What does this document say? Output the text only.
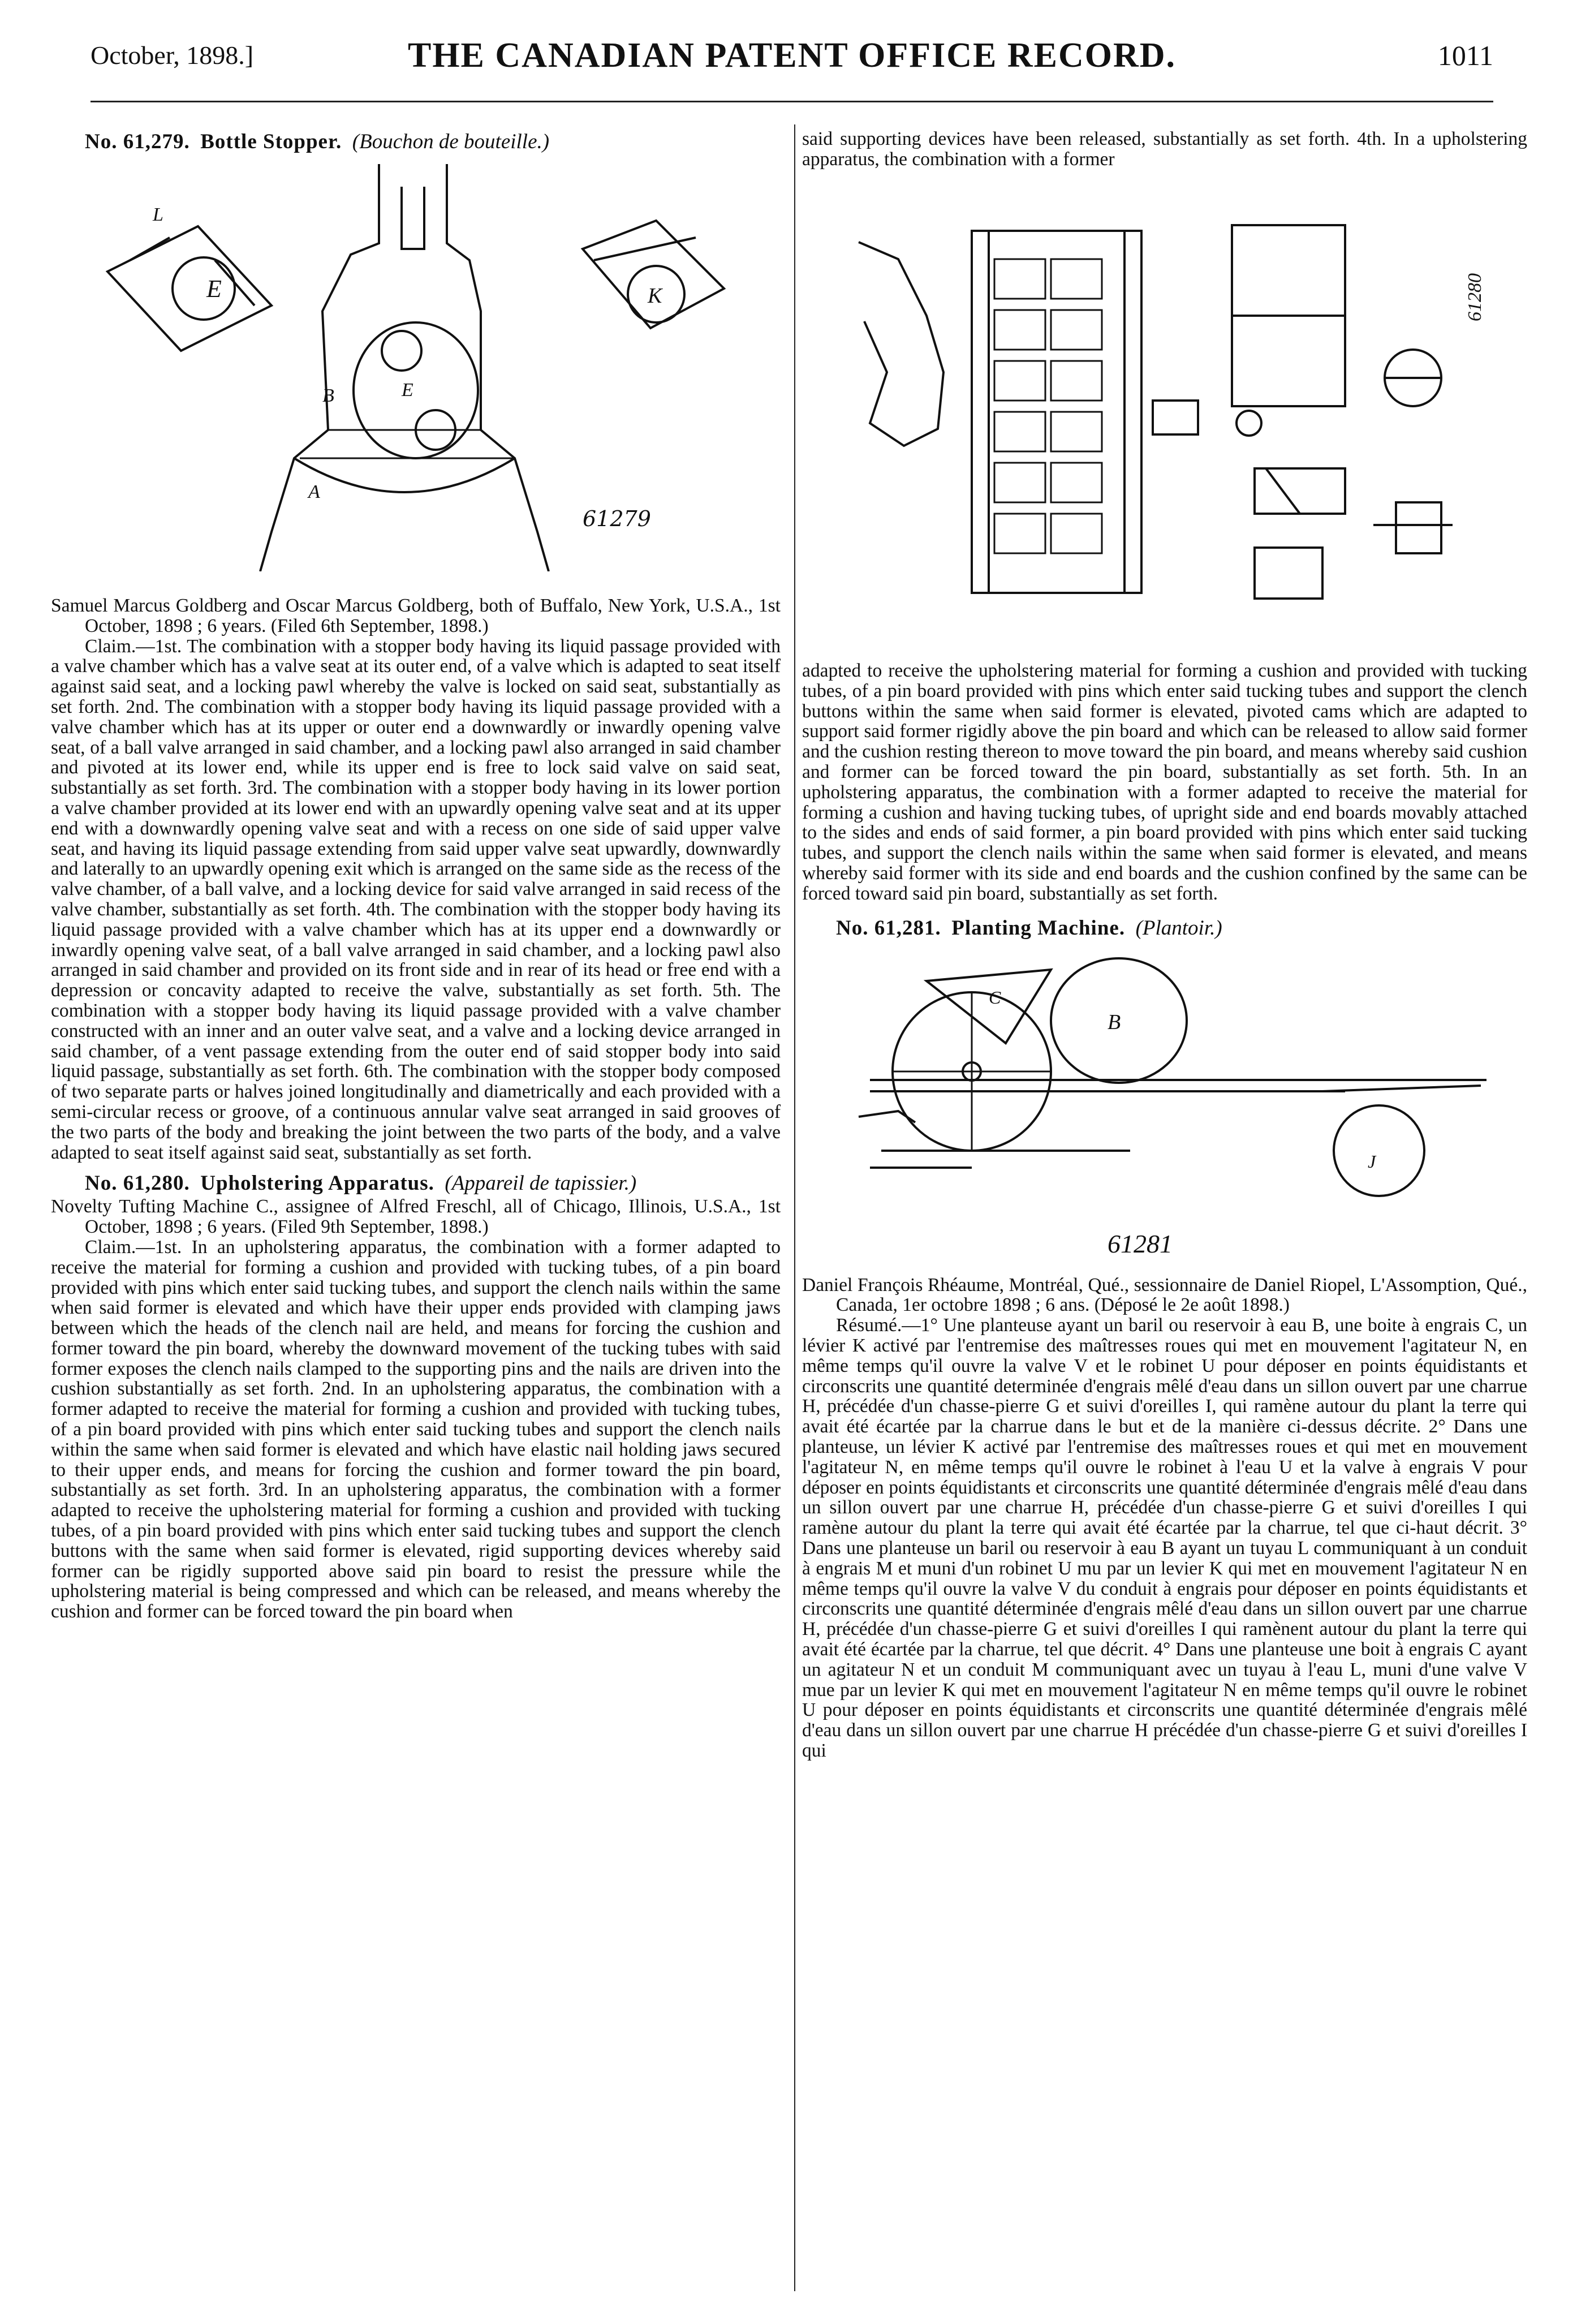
October, 1898.]	THE CANADIAN PATENT OFFICE RECORD.	1011

No. 61,279. Bottle Stopper. (Bouchon de bouteille.)

L
E
B
A
E
K
61279

Samuel Marcus Goldberg and Oscar Marcus Goldberg, both of Buffalo, New York, U.S.A., 1st October, 1898 ; 6 years. (Filed 6th September, 1898.)

Claim.—1st. The combination with a stopper body having its liquid passage provided with a valve chamber which has a valve seat at its outer end, of a valve which is adapted to seat itself against said seat, and a locking pawl whereby the valve is locked on said seat, substantially as set forth. 2nd. The combination with a stopper body having its liquid passage provided with a valve chamber which has at its upper or outer end a downwardly or inwardly opening valve seat, of a ball valve arranged in said chamber, and a locking pawl also arranged in said chamber and pivoted at its lower end, while its upper end is free to lock said valve on said seat, substantially as set forth. 3rd. The combination with a stopper body having in its lower portion a valve chamber provided at its lower end with an upwardly opening valve seat and at its upper end with a downwardly opening valve seat and with a recess on one side of said upper valve seat, and having its liquid passage extending from said upper valve seat upwardly, downwardly and laterally to an upwardly opening exit which is arranged on the same side as the recess of the valve chamber, of a ball valve, and a locking device for said valve arranged in said recess of the valve chamber, substantially as set forth. 4th. The combination with the stopper body having its liquid passage provided with a valve chamber which has at its upper end a downwardly or inwardly opening valve seat, of a ball valve arranged in said chamber, and a locking pawl also arranged in said chamber and provided on its front side and in rear of its head or free end with a depression or concavity adapted to receive the valve, substantially as set forth. 5th. The combination with a stopper body having its liquid passage provided with a valve chamber constructed with an inner and an outer valve seat, and a valve and a locking device arranged in said chamber, of a vent passage extending from the outer end of said stopper body into said liquid passage, substantially as set forth. 6th. The combination with the stopper body composed of two separate parts or halves joined longitudinally and diametrically and each provided with a semi-circular recess or groove, of a continuous annular valve seat arranged in said grooves of the two parts of the body and breaking the joint between the two parts of the body, and a valve adapted to seat itself against said seat, substantially as set forth.

No. 61,280. Upholstering Apparatus. (Appareil de tapissier.)

Novelty Tufting Machine C., assignee of Alfred Freschl, all of Chicago, Illinois, U.S.A., 1st October, 1898 ; 6 years. (Filed 9th September, 1898.)

Claim.—1st. In an upholstering apparatus, the combination with a former adapted to receive the material for forming a cushion and provided with tucking tubes, of a pin board provided with pins which enter said tucking tubes, and support the clench nails within the same when said former is elevated and which have their upper ends provided with clamping jaws between which the heads of the clench nail are held, and means for forcing the cushion and former toward the pin board, whereby the downward movement of the tucking tubes with said former exposes the clench nails clamped to the supporting pins and the nails are driven into the cushion substantially as set forth. 2nd. In an upholstering apparatus, the combination with a former adapted to receive the material for forming a cushion and provided with tucking tubes, of a pin board provided with pins which enter said tucking tubes and support the clench nails within the same when said former is elevated and which have elastic nail holding jaws secured to their upper ends, and means for forcing the cushion and former toward the pin board, substantially as set forth. 3rd. In an upholstering apparatus, the combination with a former adapted to receive the upholstering material for forming a cushion and provided with tucking tubes, of a pin board provided with pins which enter said tucking tubes and support the clench buttons with the same when said former is elevated, rigid supporting devices whereby said former can be rigidly supported above said pin board to resist the pressure while the upholstering material is being compressed and which can be released, and means whereby the cushion and former can be forced toward the pin board when

said supporting devices have been released, substantially as set forth. 4th. In a upholstering apparatus, the combination with a former

61280

adapted to receive the upholstering material for forming a cushion and provided with tucking tubes, of a pin board provided with pins which enter said tucking tubes and support the clench buttons within the same when said former is elevated, pivoted cams which are adapted to support said former rigidly above the pin board and which can be released to allow said former and the cushion resting thereon to move toward the pin board, and means whereby said cushion and former can be forced toward the pin board, substantially as set forth. 5th. In an upholstering apparatus, the combination with a former adapted to receive the material for forming a cushion and having tucking tubes, of upright side and end boards movably attached to the sides and ends of said former, a pin board provided with pins which enter said tucking tubes, and support the clench nails within the same when said former is elevated, and means whereby said former with its side and end boards and the cushion confined by the same can be forced toward said pin board, substantially as set forth.

No. 61,281. Planting Machine. (Plantoir.)

B
C
J
61281

Daniel François Rhéaume, Montréal, Qué., sessionnaire de Daniel Riopel, L'Assomption, Qué., Canada, 1er octobre 1898 ; 6 ans. (Déposé le 2e août 1898.)

Résumé.—1° Une planteuse ayant un baril ou reservoir à eau B, une boite à engrais C, un lévier K activé par l'entremise des maîtresses roues qui met en mouvement l'agitateur N, en même temps qu'il ouvre la valve V et le robinet U pour déposer en points équidistants et circonscrits une quantité determinée d'engrais mêlé d'eau dans un sillon ouvert par une charrue H, précédée d'un chasse-pierre G et suivi d'oreilles I, qui ramène autour du plant la terre qui avait été écartée par la charrue dans le but et de la manière ci-dessus décrite. 2° Dans une planteuse, un lévier K activé par l'entremise des maîtresses roues et qui met en mouvement l'agitateur N, en même temps qu'il ouvre le robinet à l'eau U et la valve à engrais V pour déposer en points équidistants et circonscrits une quantité déterminée d'engrais mêlé d'eau dans un sillon ouvert par une charrue H, précédée d'un chasse-pierre G et suivi d'oreilles I qui ramène autour du plant la terre qui avait été écartée par la charrue, tel que ci-haut décrit. 3° Dans une planteuse un baril ou reservoir à eau B ayant un tuyau L communiquant à un conduit à engrais M et muni d'un robinet U mu par un levier K qui met en mouvement l'agitateur N en même temps qu'il ouvre la valve V du conduit à engrais pour déposer en points équidistants et circonscrits une quantité déterminée d'engrais mêlé d'eau dans un sillon ouvert par une charrue H, précédée d'un chasse-pierre G et suivi d'oreilles I qui ramènent autour du plant la terre qui avait été écartée par la charrue, tel que décrit. 4° Dans une planteuse une boit à engrais C ayant un agitateur N et un conduit M communiquant avec un tuyau à l'eau L, muni d'une valve V mue par un levier K qui met en mouvement l'agitateur N en même temps qu'il ouvre le robinet U pour déposer en points équidistants et circonscrits une quantité déterminée d'engrais mêlé d'eau dans un sillon ouvert par une charrue H précédée d'un chasse-pierre G et suivi d'oreilles I qui
